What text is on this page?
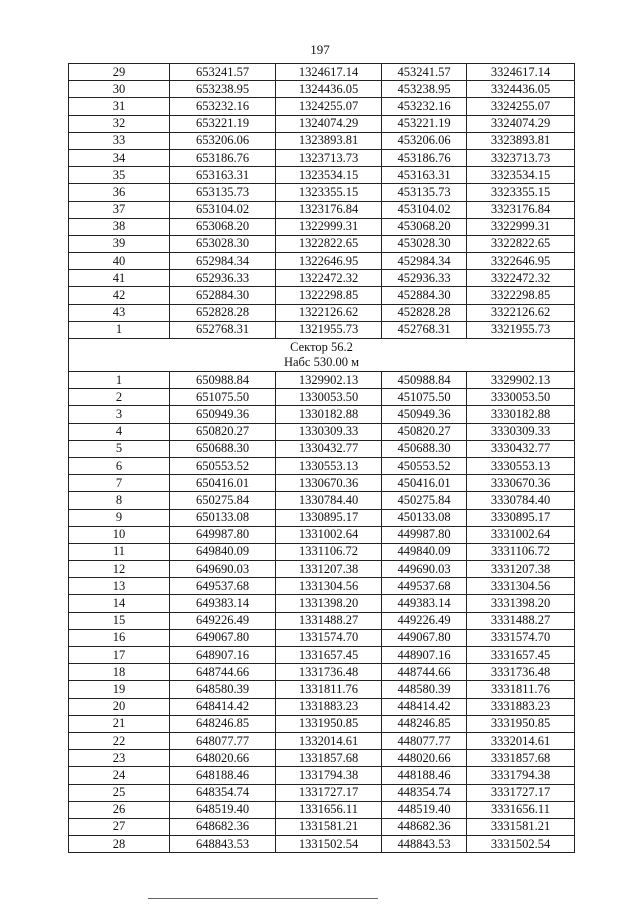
197
29	653241.57	1324617.14	453241.57	3324617.14
30	653238.95	1324436.05	453238.95	3324436.05
31	653232.16	1324255.07	453232.16	3324255.07
32	653221.19	1324074.29	453221.19	3324074.29
33	653206.06	1323893.81	453206.06	3323893.81
34	653186.76	1323713.73	453186.76	3323713.73
35	653163.31	1323534.15	453163.31	3323534.15
36	653135.73	1323355.15	453135.73	3323355.15
37	653104.02	1323176.84	453104.02	3323176.84
38	653068.20	1322999.31	453068.20	3322999.31
39	653028.30	1322822.65	453028.30	3322822.65
40	652984.34	1322646.95	452984.34	3322646.95
41	652936.33	1322472.32	452936.33	3322472.32
42	652884.30	1322298.85	452884.30	3322298.85
43	652828.28	1322126.62	452828.28	3322126.62
1	652768.31	1321955.73	452768.31	3321955.73

Сектор 56.2
Набс 530.00 м				

1	650988.84	1329902.13	450988.84	3329902.13
2	651075.50	1330053.50	451075.50	3330053.50
3	650949.36	1330182.88	450949.36	3330182.88
4	650820.27	1330309.33	450820.27	3330309.33
5	650688.30	1330432.77	450688.30	3330432.77
6	650553.52	1330553.13	450553.52	3330553.13
7	650416.01	1330670.36	450416.01	3330670.36
8	650275.84	1330784.40	450275.84	3330784.40
9	650133.08	1330895.17	450133.08	3330895.17
10	649987.80	1331002.64	449987.80	3331002.64
11	649840.09	1331106.72	449840.09	3331106.72
12	649690.03	1331207.38	449690.03	3331207.38
13	649537.68	1331304.56	449537.68	3331304.56
14	649383.14	1331398.20	449383.14	3331398.20
15	649226.49	1331488.27	449226.49	3331488.27
16	649067.80	1331574.70	449067.80	3331574.70
17	648907.16	1331657.45	448907.16	3331657.45
18	648744.66	1331736.48	448744.66	3331736.48
19	648580.39	1331811.76	448580.39	3331811.76
20	648414.42	1331883.23	448414.42	3331883.23
21	648246.85	1331950.85	448246.85	3331950.85
22	648077.77	1332014.61	448077.77	3332014.61
23	648020.66	1331857.68	448020.66	3331857.68
24	648188.46	1331794.38	448188.46	3331794.38
25	648354.74	1331727.17	448354.74	3331727.17
26	648519.40	1331656.11	448519.40	3331656.11
27	648682.36	1331581.21	448682.36	3331581.21
28	648843.53	1331502.54	448843.53	3331502.54
